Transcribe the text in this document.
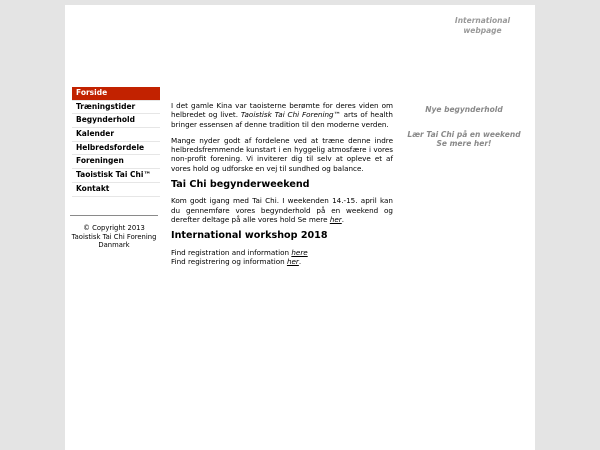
International
webpage
Forside
Træningstider
Begynderhold
Kalender
Helbredsfordele
Foreningen
Taoistisk Tai Chi™
Kontakt
© Copyright 2013
Taoistisk Tai Chi Forening
Danmark

I det gamle Kina var taoisterne berømte for deres viden om helbredet og livet. Taoistisk Tai Chi Forening™ arts of health bringer essensen af denne tradition til den moderne verden.

Mange nyder godt af fordelene ved at træne denne indre helbredsfremmende kunstart i en hyggelig atmosfære i vores non-profit forening. Vi inviterer dig til selv at opleve et af vores hold og udforske en vej til sundhed og balance.

Tai Chi begynderweekend

Kom godt igang med Tai Chi. I weekenden 14.-15. april kan du gennemføre vores begynderhold på en weekend og derefter deltage på alle vores hold Se mere her.

International workshop 2018
Find registration and information here
Find registrering og information her.
Nye begynderhold
Lær Tai Chi på en weekend
Se mere her!
